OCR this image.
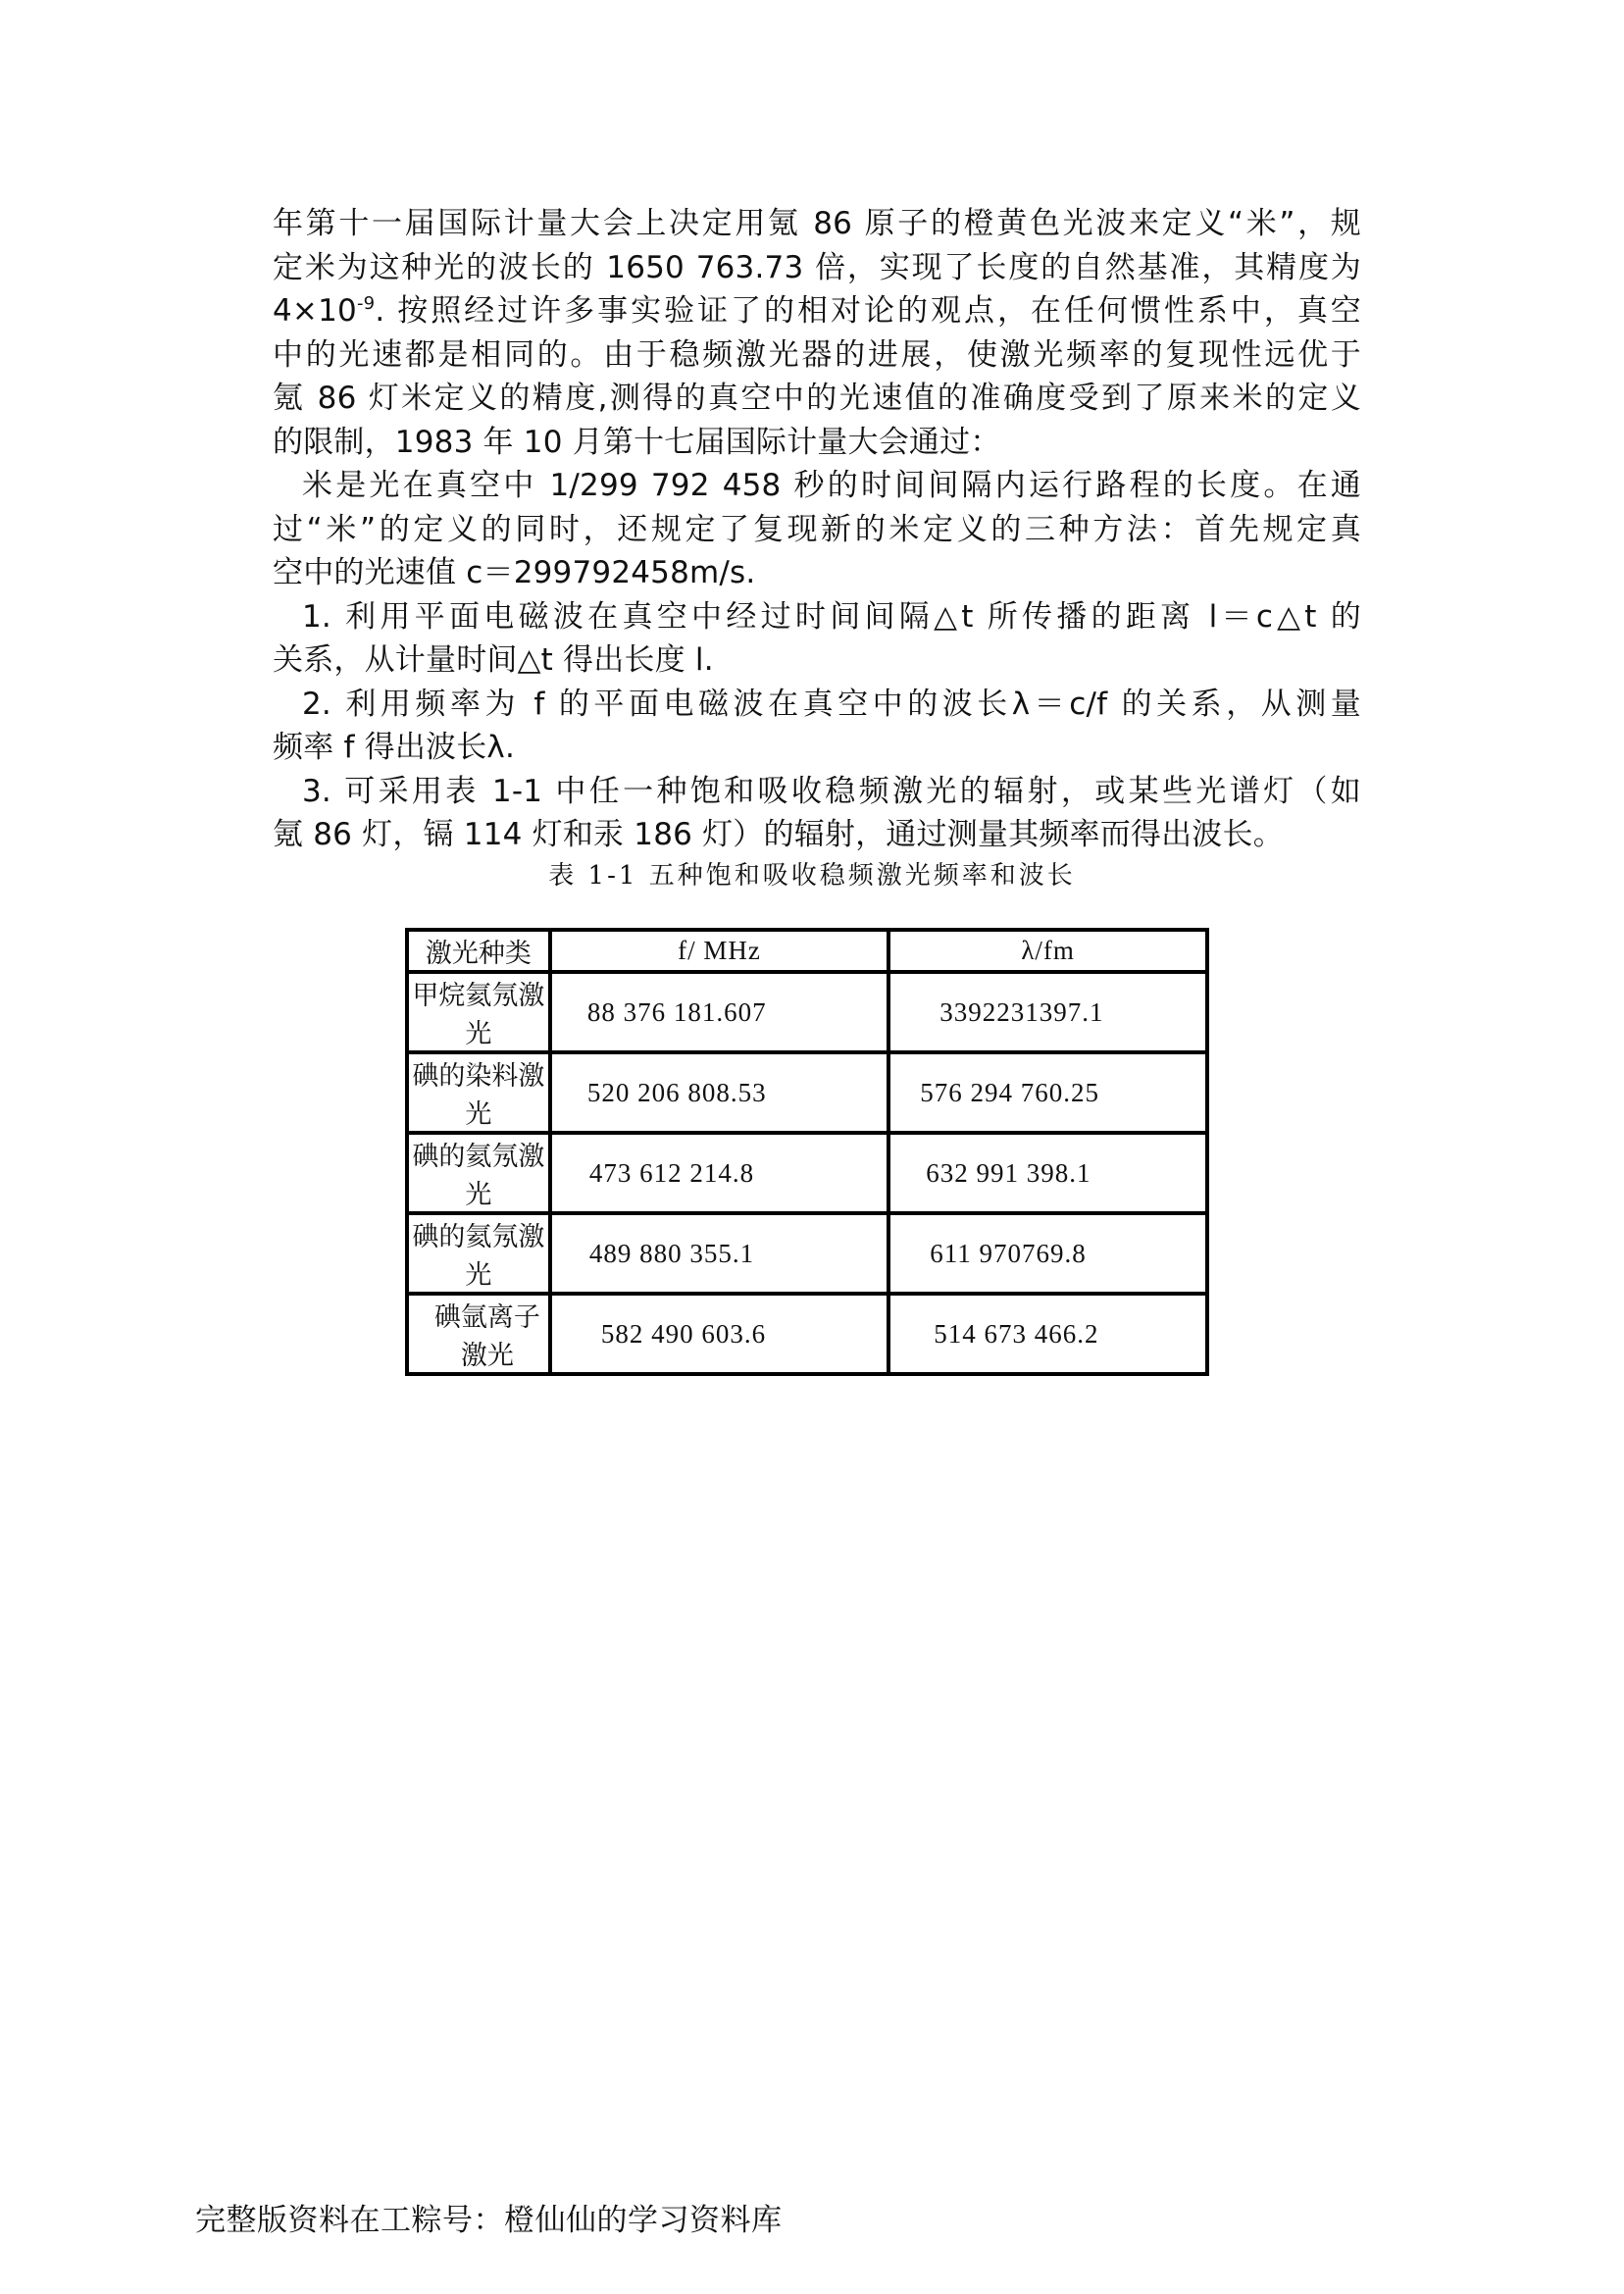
年第十一届国际计量大会上决定用氪 86 原子的橙黄色光波来定义“米”，规
定米为这种光的波长的 1650 763.73 倍，实现了长度的自然基准，其精度为
$4\times 10^{-9}$. 按照经过许多事实验证了的相对论的观点，在任何惯性系中，真空
中的光速都是相同的。由于稳频激光器的进展，使激光频率的复现性远优于
氪 86 灯米定义的精度,测得的真空中的光速值的准确度受到了原来米的定义
的限制，1983 年 10 月第十七届国际计量大会通过：
米是光在真空中 1/299 792 458 秒的时间间隔内运行路程的长度。在通
过“米”的定义的同时，还规定了复现新的米定义的三种方法：首先规定真
空中的光速值 c＝299792458m/s.
1. 利用平面电磁波在真空中经过时间间隔△t 所传播的距离 l＝c△t 的
关系，从计量时间△t 得出长度 l.
2. 利用频率为 f 的平面电磁波在真空中的波长λ＝c/f 的关系，从测量
频率 f 得出波长λ.
3. 可采用表 1-1 中任一种饱和吸收稳频激光的辐射，或某些光谱灯（如
氪 86 灯，镉 114 灯和汞 186 灯）的辐射，通过测量其频率而得出波长。
表 1-1 五种饱和吸收稳频激光频率和波长
激光种类	f/ MHz	λ/fm
甲烷氦氖激光	88 376 181.607	3392231397.1
碘的染料激光	520 206 808.53	576 294 760.25
碘的氦氖激光	473 612 214.8	632 991 398.1
碘的氦氖激光	489 880 355.1	611 970769.8
碘氩离子激光	582 490 603.6	514 673 466.2
完整版资料在工粽号：橙仙仙的学习资料库
